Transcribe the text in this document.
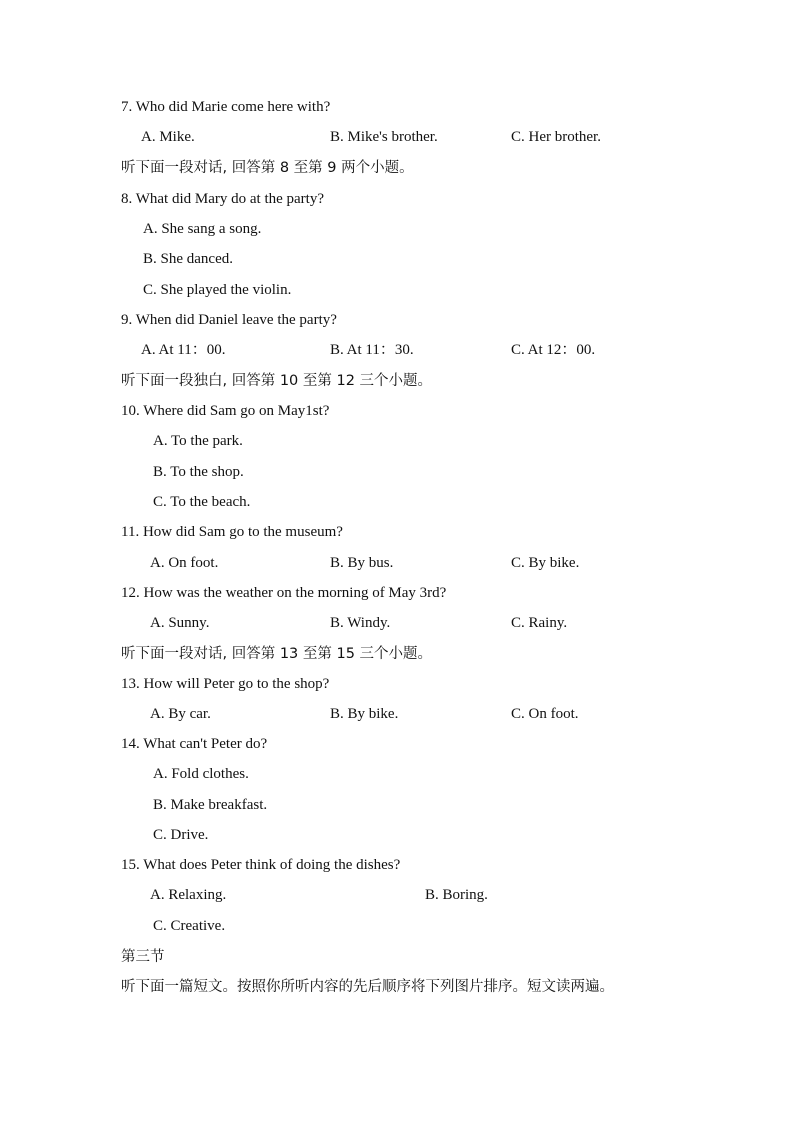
7. Who did Marie come here with?
A. Mike.	B. Mike's brother.	C. Her brother.
听下面一段对话, 回答第 8 至第 9 两个小题。
8. What did Mary do at the party?
A. She sang a song.
B. She danced.
C. She played the violin.
9. When did Daniel leave the party?
A. At 11：00.	B. At 11：30.	C. At 12：00.
听下面一段独白, 回答第 10 至第 12 三个小题。
10. Where did Sam go on May1st?
A. To the park.
B. To the shop.
C. To the beach.
11. How did Sam go to the museum?
A. On foot.	B. By bus.	C. By bike.
12. How was the weather on the morning of May 3rd?
A. Sunny.	B. Windy.	C. Rainy.
听下面一段对话, 回答第 13 至第 15 三个小题。
13. How will Peter go to the shop?
A. By car.	B. By bike.	C. On foot.
14. What can't Peter do?
A. Fold clothes.
B. Make breakfast.
C. Drive.
15. What does Peter think of doing the dishes?
A. Relaxing.	B. Boring.
C. Creative.
第三节
听下面一篇短文。按照你所听内容的先后顺序将下列图片排序。短文读两遍。
